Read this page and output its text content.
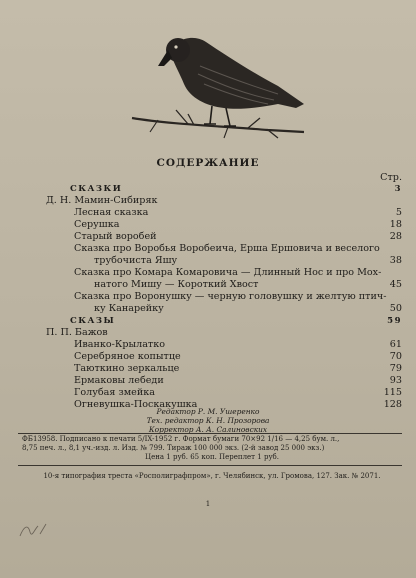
СОДЕРЖАНИЕ
Стр.
СКАЗКИ	3
Д. Н. Мамин-Сибиряк
Лесная сказка	5
Серушка	18
Старый воробей	28
Сказка про Воробья Воробеича, Ерша Ершовича и веселого
трубочиста Яшу	38
Сказка про Комара Комаровича — Длинный Нос и про Мох-
натого Мишу — Короткий Хвост	45
Сказка про Воронушку — черную головушку и желтую птич-
ку Канарейку	50
СКАЗЫ	59
П. П. Бажов
Иванко-Крылатко	61
Серебряное копытце	70
Таюткино зеркальце	79
Ермаковы лебеди	93
Голубая змейка	115
Огневушка-Поскакушка	128
Редактор Р. М. Ушеренко
Тех. редактор К. Н. Прозорова
Корректор А. А. Салиновских
ФБ13958. Подписано к печати 5/IX-1952 г. Формат бумаги 70×92 1/16 — 4,25 бум. л.,
8,75 печ. л., 8,1 уч.-изд. л. Изд. № 799. Тираж 100 000 экз. (2-й завод 25 000 экз.)
Цена 1 руб. 65 коп. Переплет 1 руб.
10-я типография треста «Росполиграфпром», г. Челябинск, ул. Громова, 127. Зак. № 2071.
1
